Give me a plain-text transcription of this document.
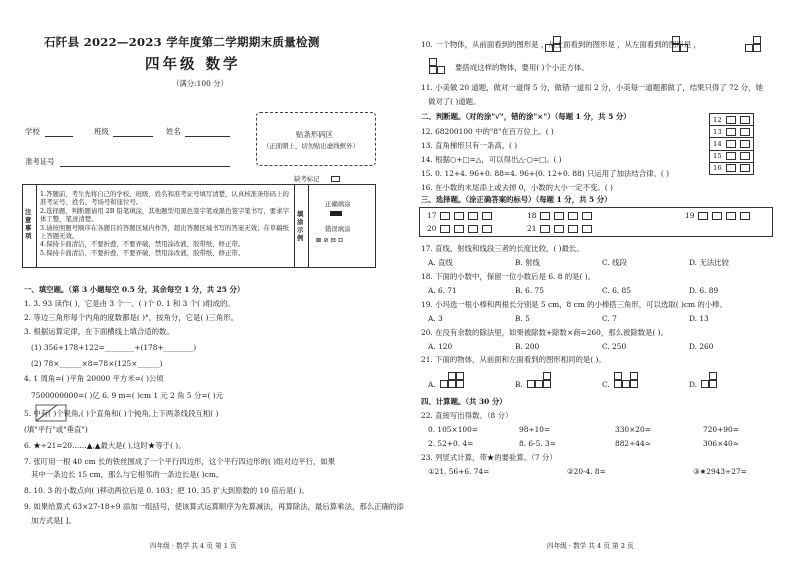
石阡县 2022—2023 学年度第二学期期末质量检测
四年级 数学
（满分:100 分）
学校	班级	姓名
准考证号
贴条形码区
（正面朝上，切勿贴出虚线框外）
缺考标记
注意事项
1.答题前，考生先将自己的学校、班级、姓名和准考证号填写清楚，认真核准条形码上的准考证号、姓名、考场号和座位号。
2.选择题，判断题请用 2B 铅笔填涂，其他题型用黑色签字笔或黑色签字笔书写，要求字体工整，笔迹清楚。
3.请按照题号顺序在各题目的答题区域内作答，超出答题区域书写的答案无效；在草稿纸上答题无效。
4.保持卡面清洁，不要折叠，不要弄破，禁用涂改液，胶带纸，修正带。
5.保持卡面清洁，不要折叠，不要弄破，禁用涂改液，胶带纸，修正带。
填涂示例
正确填涂
错误填涂
⊠ ⊘ ⊟ ⊡
一、填空题。（第 3 小题每空 0.5 分，其余每空 1 分，共 25 分）
1. 3. 93 读作( )，它是由 3 个一、( )个 0. 1 和 3 个( )组成的。
2. 等边三角形每个内角的度数都是( )°，按角分，它是( )三角形。
3. 根据运算定律，在下面横线上填合适的数。
(1) 356+178+122=________+(178+________)
(2) 78×______×8=78×(125×______)
4. 1 周角=( )平角 20000 平方米=( )公顷
7500000000=( )亿 6. 9 m=( )cm 1 元 2 角 5 分=( )元
5. 中有( )个锐角,( )个直角和( )个钝角,上下两条线段互相( )
(填"平行"或"垂直")
6. ★÷21=20……▲,▲最大是( ),这时★等于( )。
7. 张叮用一根 40 cm 长的铁丝围成了一个平行四边形，这个平行四边形的( )组对边平行，如果
其中一条边长 15 cm，那么与它相邻的一条边长是( )cm。
8. 10. 3 的小数点向( )移动两位后是 0. 103；把 10. 35 扩大到原数的 10 倍后是( )。
9. 如果给算式 63×27-18÷9 添加一组括号，使该算式运算顺序为先算减法，再算除法，最后算乘法，那么正确的添
加方式是[ ]。
四年级 · 数学 共 4 页 第 1 页
10. 一个物体，从前面看到的图形是 ，从上面看到的图形是 ，从左面看到的图形是 ，
要搭成这样的物体，要用( )个小正方体。
11. 小美做 20 道题，做对一道得 5 分，做错一道扣 2 分，小美每一道题都做了，结果只得了 72 分，她
做对了( )道题。
二、判断题。（对的涂"√"，错的涂"×"）（每题 1 分，共 5 分）
12. 68200100 中的"8"在百万位上。( )
13. 直角梯形只有一条高。( )
14. 根据○+□=△，可以得出△-○=□。( )
15. 0. 12+4. 96+0. 88=4. 96+(0. 12+0. 88) 只运用了加法结合律。( )
16. 在小数的末尾添上或去掉 0，小数的大小一定不变。( )
12
13
14
15
16
三、选择题。（涂正确答案的标号）（每题 1 分，共 5 分）
17	18	19
20	21
17. 直线、射线和线段三者的长度比较，( )最长。
A. 直线	B. 射线	C. 线段	D. 无法比较
18. 下面的小数中，保留一位小数后是 6. 8 的是( )。
A. 6. 71	B. 6. 75	C. 6. 85	D. 6. 89
19. 小玛选一根小棒和两根长分别是 5 cm，8 cm 的小棒搭三角形，可以选取( )cm 的小棒。
A. 3	B. 5	C. 7	D. 13
20. 在没有余数的除法里，如果被除数+除数×商=260，那么被除数是( )。
A. 120	B. 200	C. 250	D. 260
21. 下面的物体，从前面和左面看到的图形相同的是( )。
A.	B.	C.	D.
四、计算题。（共 30 分）
22. 直接写出得数。（8 分）
0. 105×100=	98÷10=	330×20=	720+90=
2. 52+0. 4=	8. 6-5. 3=	882÷44≈	306×40≈
23. 列竖式计算，带★的要验算。（7 分）
①21. 56+6. 74=	②20-4. 8=	③★2943÷27=
四年级 · 数学 共 4 页 第 2 页
